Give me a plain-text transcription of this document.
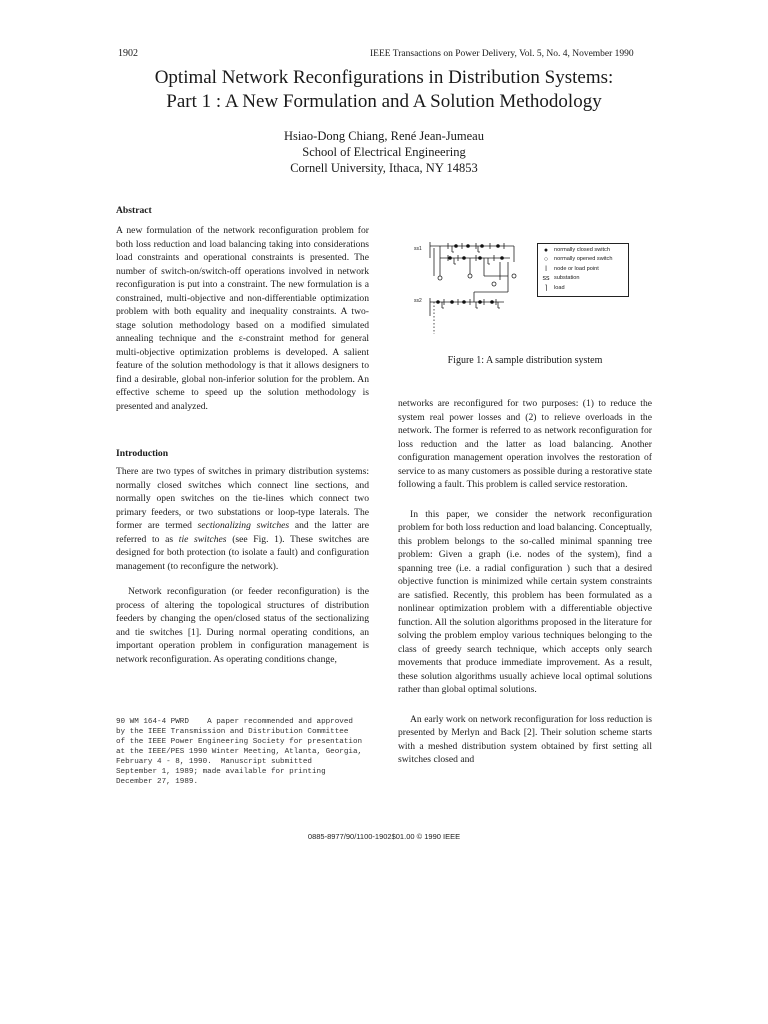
1902	IEEE Transactions on Power Delivery, Vol. 5, No. 4, November 1990
Optimal Network Reconfigurations in Distribution Systems:
Part 1 : A New Formulation and A Solution Methodology
Hsiao-Dong Chiang, René Jean-Jumeau
School of Electrical Engineering
Cornell University, Ithaca, NY 14853
Abstract

A new formulation of the network reconfiguration problem for both loss reduction and load balancing taking into considerations load constraints and operational constraints is presented. The number of switch-on/switch-off operations involved in network reconfiguration is put into a constraint. The new formulation is a constrained, multi-objective and non-differentiable optimization problem with both equality and inequality constraints. A two-stage solution methodology based on a modified simulated annealing technique and the ε-constraint method for general multi-objective optimization problems is developed. A salient feature of the solution methodology is that it allows designers to find a desirable, global non-inferior solution for the problem. An effective scheme to speed up the solution methodology is presented and analyzed.

Introduction

There are two types of switches in primary distribution systems: normally closed switches which connect line sections, and normally open switches on the tie-lines which connect two primary feeders, or two substations or loop-type laterals. The former are termed sectionalizing switches and the latter are referred to as tie switches (see Fig. 1). These switches are designed for both protection (to isolate a fault) and configuration management (to reconfigure the network).

Network reconfiguration (or feeder reconfiguration) is the process of altering the topological structures of distribution feeders by changing the open/closed status of the sectionalizing and tie switches [1]. During normal operating conditions, an important operation problem in configuration management is network reconfiguration. As operating conditions change,

90 WM 164-4 PWRD    A paper recommended and approved
by the IEEE Transmission and Distribution Committee
of the IEEE Power Engineering Society for presentation
at the IEEE/PES 1990 Winter Meeting, Atlanta, Georgia,
February 4 - 8, 1990.  Manuscript submitted
September 1, 1989; made available for printing
December 27, 1989.
ss1
ss2
●	normally closed switch
○	normally opened switch
ǀ	node or load point
ss substation
⌉	load
Figure 1: A sample distribution system

networks are reconfigured for two purposes: (1) to reduce the system real power losses and (2) to relieve overloads in the network. The former is referred to as network reconfiguration for loss reduction and the latter as load balancing. Another configuration management operation involves the restoration of service to as many customers as possible during a restorative state following a fault. This problem is called service restoration.

In this paper, we consider the network reconfiguration problem for both loss reduction and load balancing. Conceptually, this problem belongs to the so-called minimal spanning tree problem: Given a graph (i.e. nodes of the system), find a spanning tree (i.e. a radial configuration ) such that a desired objective function is minimized while certain system constraints are satisfied. Recently, this problem has been formulated as a nonlinear optimization problem with a differentiable objective function. All the solution algorithms proposed in the literature for solving the problem employ various techniques belonging to the class of greedy search technique, which accepts only search movements that produce immediate improvement. As a result, these solution algorithms usually achieve local optimal solutions rather than global optimal solutions.

An early work on network reconfiguration for loss reduction is presented by Merlyn and Back [2]. Their solution scheme starts with a meshed distribution system obtained by first setting all switches closed and

0885-8977/90/1100-1902$01.00 © 1990 IEEE
